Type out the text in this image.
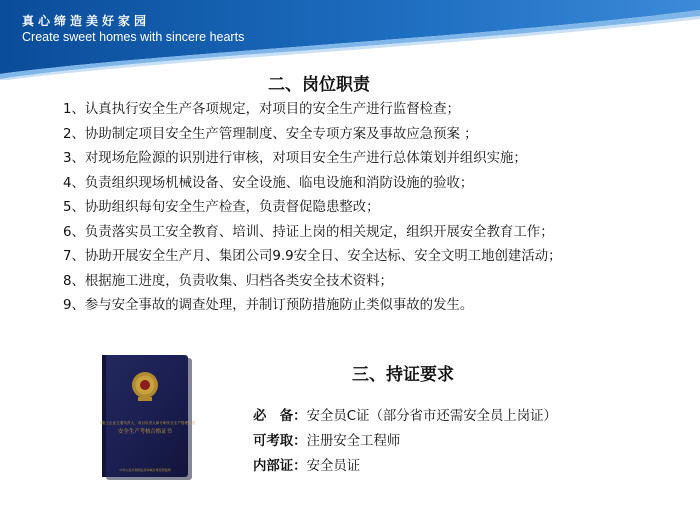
真心缔造美好家园
Create sweet homes with sincere hearts
二、岗位职责
1、认真执行安全生产各项规定，对项目的安全生产进行监督检查；
2、协助制定项目安全生产管理制度、安全专项方案及事故应急预案 ；
3、对现场危险源的识别进行审核，对项目安全生产进行总体策划并组织实施；
4、负责组织现场机械设备、安全设施、临电设施和消防设施的验收；
5、协助组织每旬安全生产检查，负责督促隐患整改；
6、负责落实员工安全教育、培训、持证上岗的相关规定，组织开展安全教育工作；
7、协助开展安全生产月、集团公司9.9安全日、安全达标、安全文明工地创建活动；
8、根据施工进度，负责收集、归档各类安全技术资料；
9、参与安全事故的调查处理，并制订预防措施防止类似事故的发生。
建筑施工企业主要负责人、项目负责人和专职安全生产管理人员
安全生产考核合格证书
中华人民共和国住房和城乡建设部监制
三、持证要求
必　备：安全员C证（部分省市还需安全员上岗证）
可考取：注册安全工程师
内部证：安全员证
